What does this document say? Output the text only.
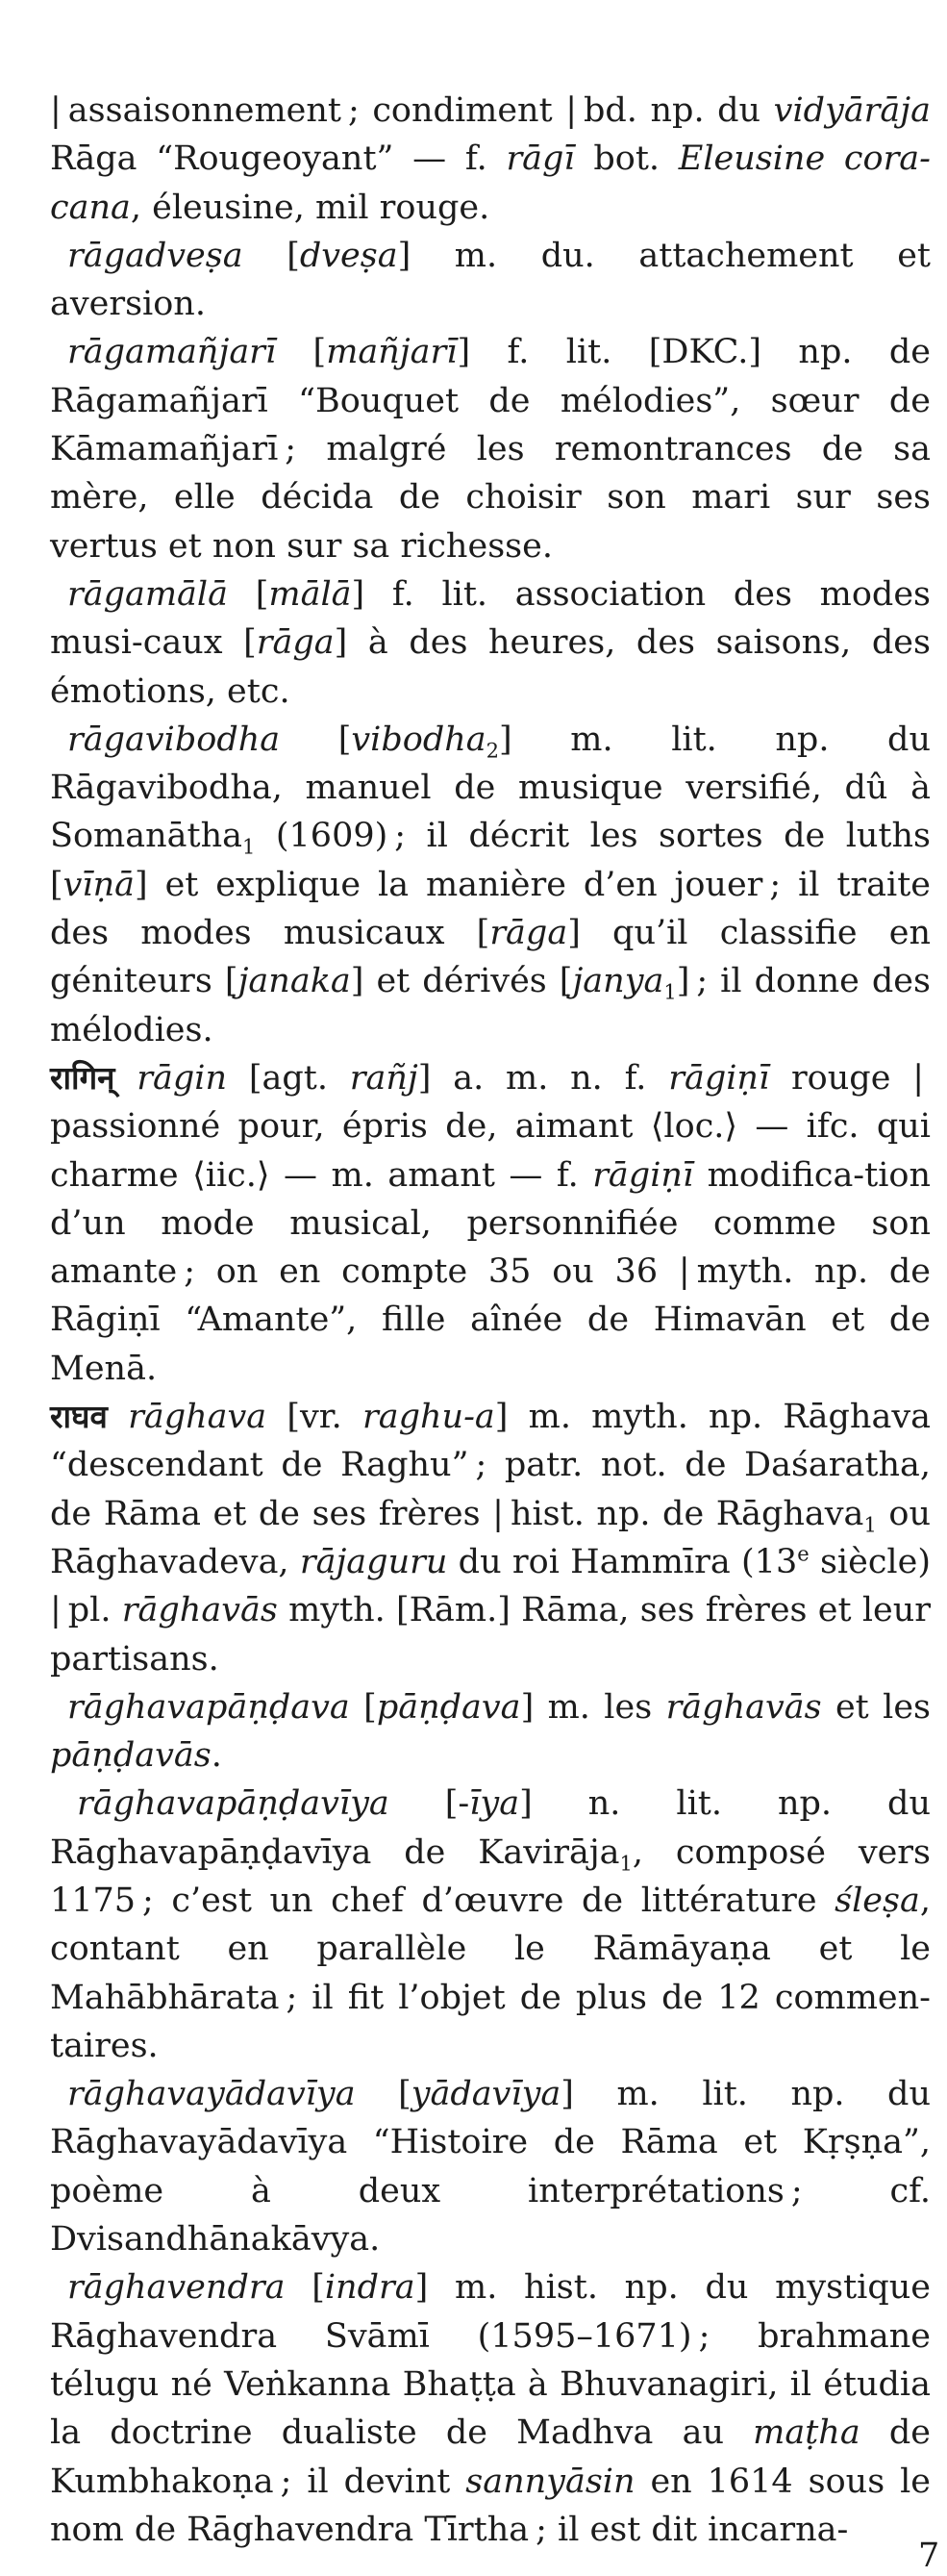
| assaisonnement ; condiment | bd. np. du vidyārāja Rāga “Rougeoyant” — f. rāgī bot. Eleusine cora-cana, éleusine, mil rouge.

rāgadveṣa [dveṣa] m. du. attachement et aversion.

rāgamañjarī [mañjarī] f. lit. [DKC.] np. de Rāgamañjarī “Bouquet de mélodies”, sœur de Kāmamañjarī ; malgré les remontrances de sa mère, elle décida de choisir son mari sur ses vertus et non sur sa richesse.

rāgamālā [mālā] f. lit. association des modes musi-caux [rāga] à des heures, des saisons, des émotions, etc.

rāgavibodha [vibodha$_2$] m. lit. np. du Rāgavibodha, manuel de musique versifié, dû à Somanātha$_1$ (1609) ; il décrit les sortes de luths [vīṇā] et explique la manière d’en jouer ; il traite des modes musicaux [rāga] qu’il classifie en géniteurs [janaka] et dérivés [janya$_1$] ; il donne des mélodies.

रागिन् rāgin [agt. rañj] a. m. n. f. rāgiṇī rouge | passionné pour, épris de, aimant ⟨loc.⟩ — ifc. qui charme ⟨iic.⟩ — m. amant — f. rāgiṇī modifica-tion d’un mode musical, personnifiée comme son amante ; on en compte 35 ou 36 | myth. np. de Rāgiṇī “Amante”, fille aînée de Himavān et de Menā.

राघव rāghava [vr. raghu-a] m. myth. np. Rāghava “descendant de Raghu” ; patr. not. de Daśaratha, de Rāma et de ses frères | hist. np. de Rāghava$_1$ ou Rāghavadeva, rājaguru du roi Hammīra (13e siècle) | pl. rāghavās myth. [Rām.] Rāma, ses frères et leur partisans.

rāghavapāṇḍava [pāṇḍava] m. les rāghavās et les pāṇḍavās.

rāghavapāṇḍavīya [-īya] n. lit. np. du Rāghavapāṇḍavīya de Kavirāja$_1$, composé vers 1175 ; c’est un chef d’œuvre de littérature śleṣa, contant en parallèle le Rāmāyaṇa et le Mahābhārata ; il fit l’objet de plus de 12 commen-taires.

rāghavayādavīya [yādavīya] m. lit. np. du Rāghavayādavīya “Histoire de Rāma et Kṛṣṇa”, poème à deux interprétations ; cf. Dvisandhānakāvya.

rāghavendra [indra] m. hist. np. du mystique Rāghavendra Svāmī (1595–1671) ; brahmane télugu né Veṅkanna Bhaṭṭa à Bhuvanagiri, il étudia la doctrine dualiste de Madhva au maṭha de Kumbhakoṇa ; il devint sannyāsin en 1614 sous le nom de Rāghavendra Tīrtha ; il est dit incarna-

7
